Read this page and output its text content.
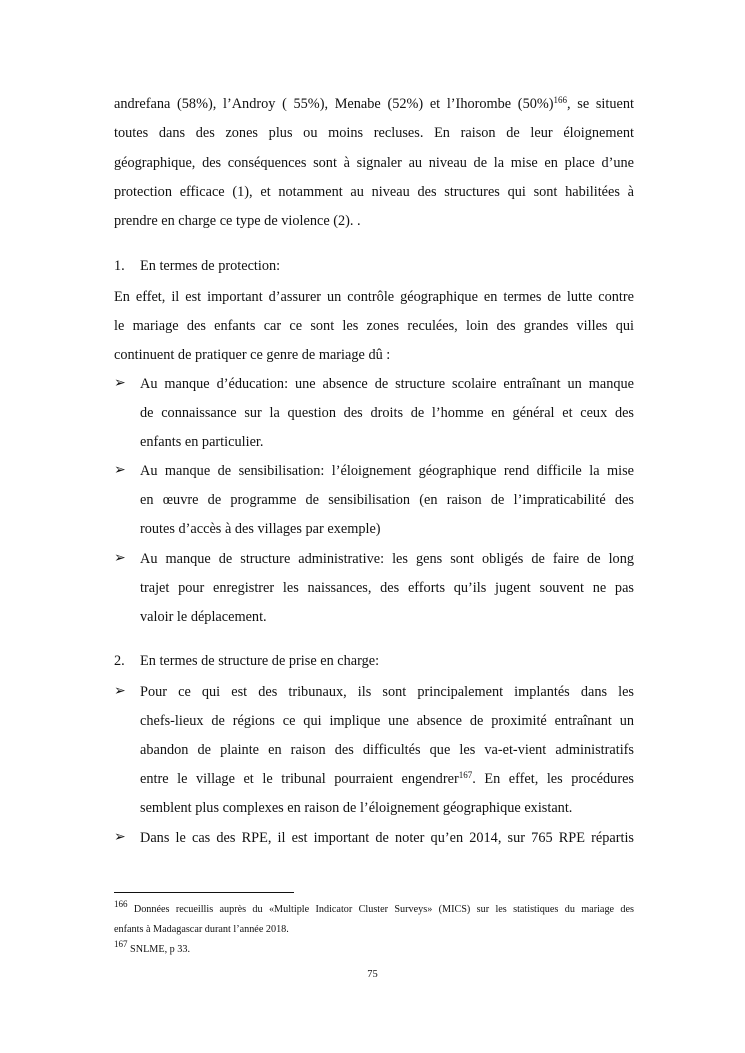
andrefana (58%), l’Androy ( 55%), Menabe (52%) et l’Ihorombe $(50\%)^{166}$, se situent
toutes dans des zones plus ou moins recluses. En raison de leur éloignement
géographique, des conséquences sont à signaler au niveau de la mise en place d’une
protection efficace (1), et notamment au niveau des structures qui sont habilitées à
prendre en charge ce type de violence (2). .
1. En termes de protection:
En effet, il est important d’assurer un contrôle géographique en termes de lutte contre
le mariage des enfants car ce sont les zones reculées, loin des grandes villes qui
continuent de pratiquer ce genre de mariage dû :
➢ Au manque d’éducation: une absence de structure scolaire entraînant un manque
de connaissance sur la question des droits de l’homme en général et ceux des
enfants en particulier.
➢ Au manque de sensibilisation: l’éloignement géographique rend difficile la mise
en œuvre de programme de sensibilisation (en raison de l’impraticabilité des
routes d’accès à des villages par exemple)
➢ Au manque de structure administrative: les gens sont obligés de faire de long
trajet pour enregistrer les naissances, des efforts qu’ils jugent souvent ne pas
valoir le déplacement.
2. En termes de structure de prise en charge:
➢ Pour ce qui est des tribunaux, ils sont principalement implantés dans les
chefs-lieux de régions ce qui implique une absence de proximité entraînant un
abandon de plainte en raison des difficultés que les va-et-vient administratifs
entre le village et le tribunal pourraient engendrer$^{167}$. En effet, les procédures
semblent plus complexes en raison de l’éloignement géographique existant.
➢ Dans le cas des RPE, il est important de noter qu’en 2014, sur 765 RPE répartis
$^{166}$ Données recueillis auprès du «Multiple Indicator Cluster Surveys» (MICS) sur les statistiques du mariage des
enfants à Madagascar durant l’année 2018.
$^{167}$ SNLME, p 33.
75
